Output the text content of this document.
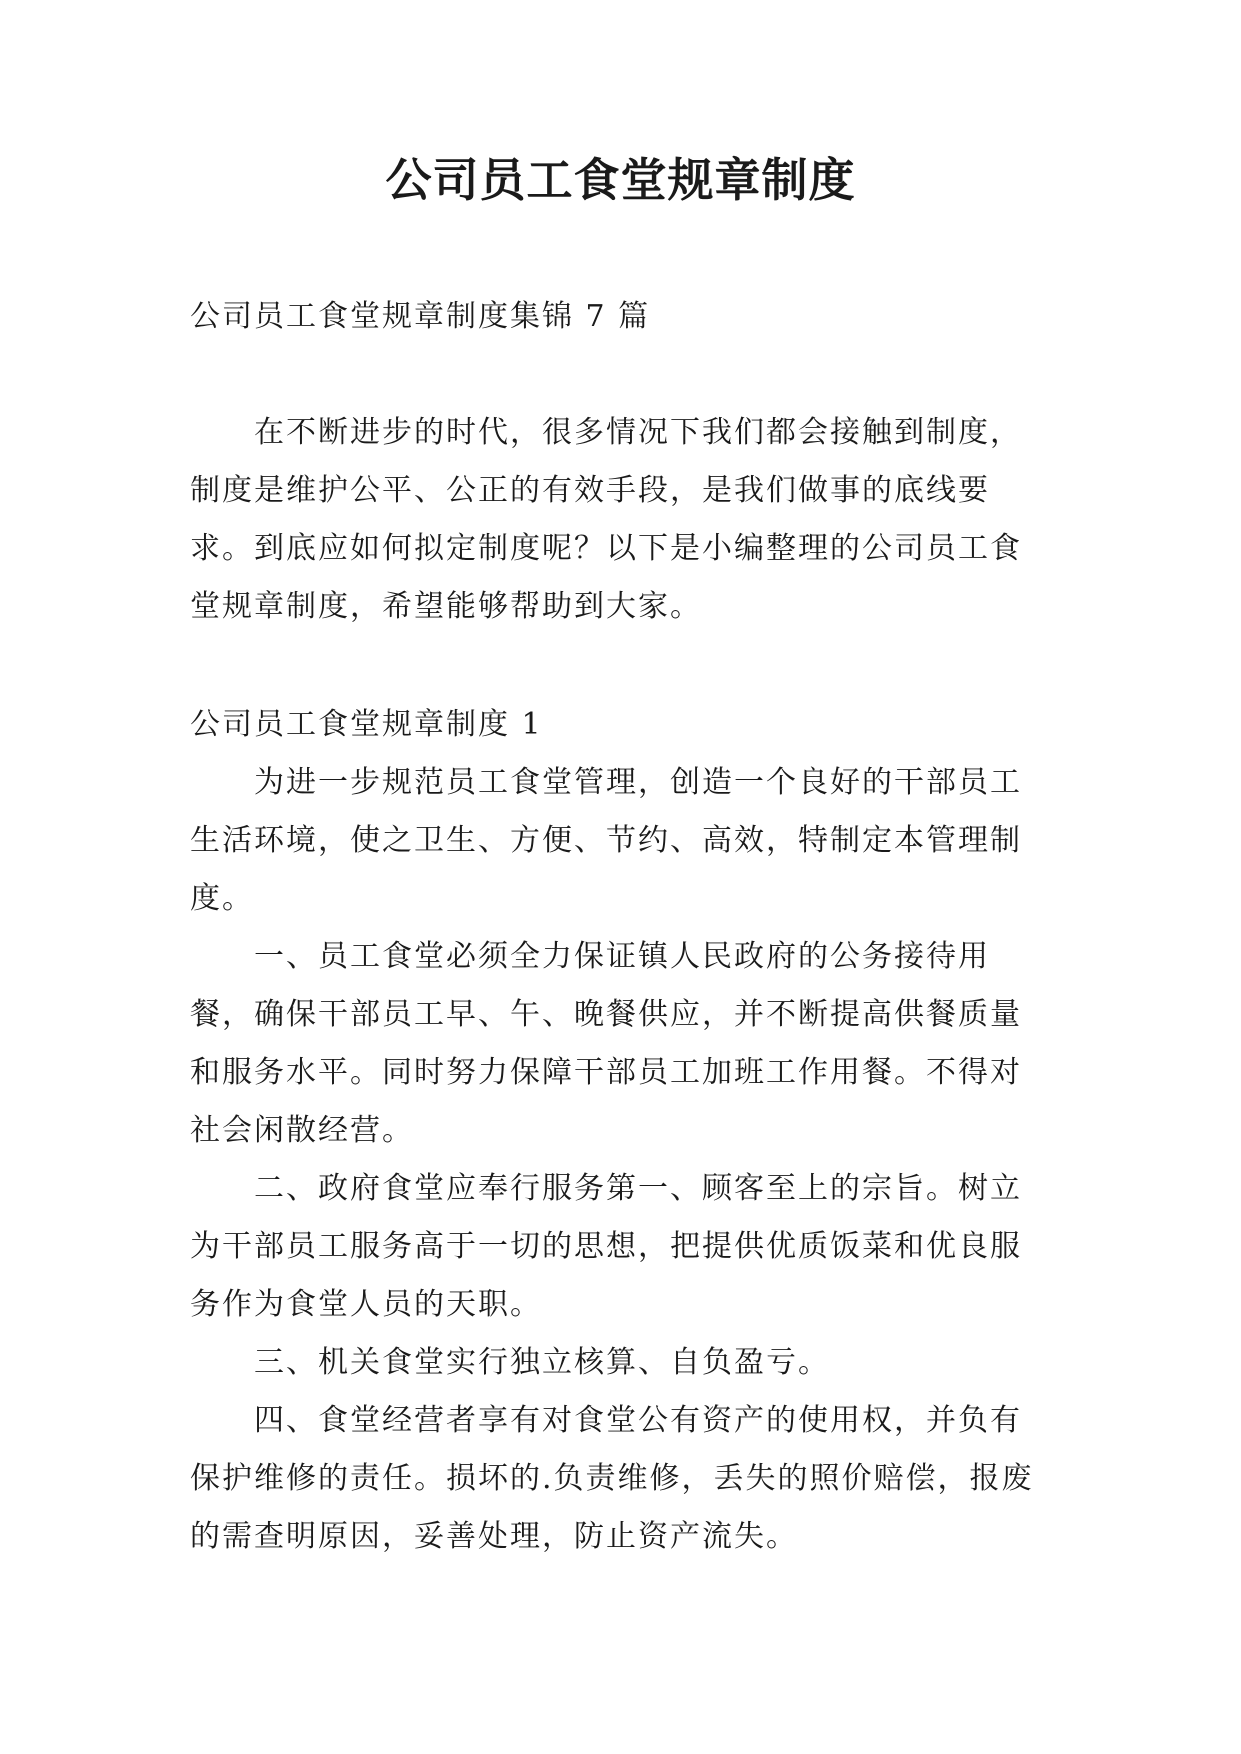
公司员工食堂规章制度

公司员工食堂规章制度集锦 7 篇

在不断进步的时代，很多情况下我们都会接触到制度，制度是维护公平、公正的有效手段，是我们做事的底线要求。到底应如何拟定制度呢？以下是小编整理的公司员工食堂规章制度，希望能够帮助到大家。

公司员工食堂规章制度 1

为进一步规范员工食堂管理，创造一个良好的干部员工生活环境，使之卫生、方便、节约、高效，特制定本管理制度。

一、员工食堂必须全力保证镇人民政府的公务接待用餐，确保干部员工早、午、晚餐供应，并不断提高供餐质量和服务水平。同时努力保障干部员工加班工作用餐。不得对社会闲散经营。

二、政府食堂应奉行服务第一、顾客至上的宗旨。树立为干部员工服务高于一切的思想，把提供优质饭菜和优良服务作为食堂人员的天职。

三、机关食堂实行独立核算、自负盈亏。

四、食堂经营者享有对食堂公有资产的使用权，并负有保护维修的责任。损坏的.负责维修，丢失的照价赔偿，报废的需查明原因，妥善处理，防止资产流失。
